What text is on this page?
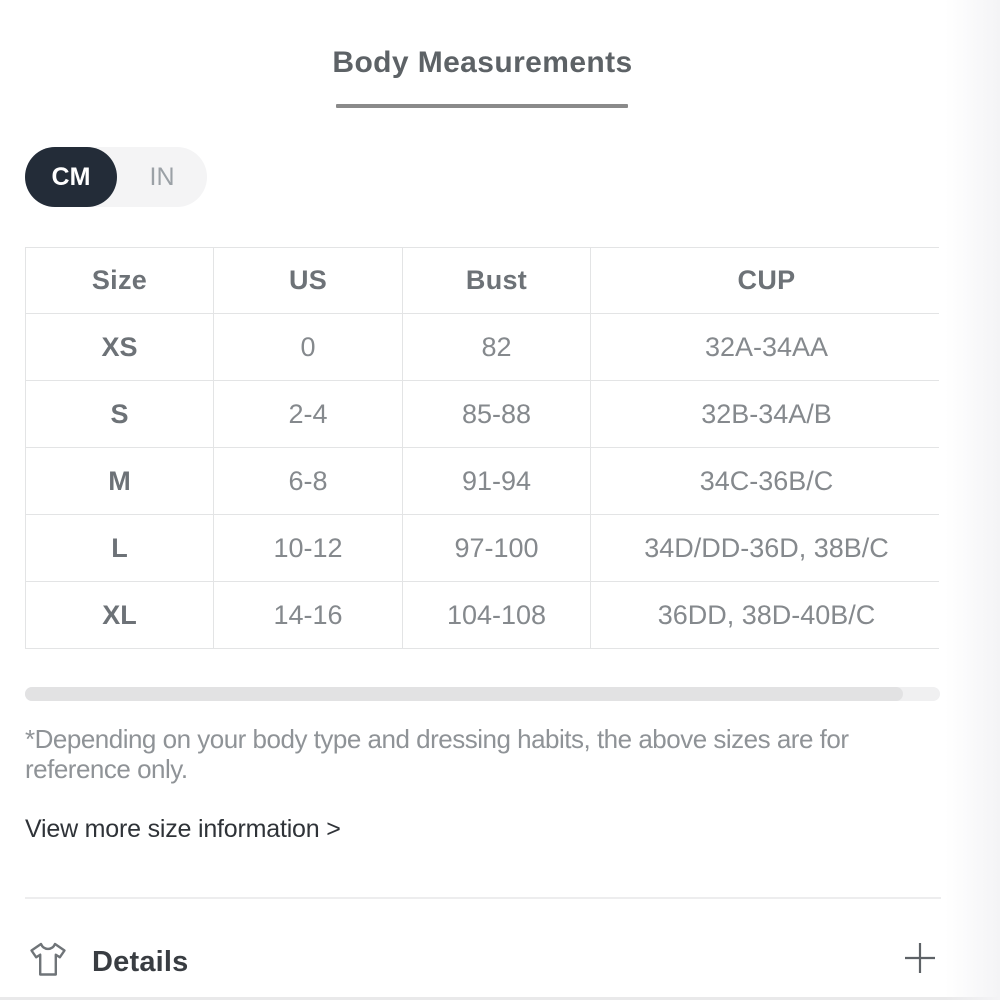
Body Measurements
CM	IN
Size	US	Bust	CUP
XS	0	82	32A-34AA
S	2-4	85-88	32B-34A/B
M	6-8	91-94	34C-36B/C
L	10-12	97-100	34D/DD-36D, 38B/C
XL	14-16	104-108	36DD, 38D-40B/C
*Depending on your body type and dressing habits, the above sizes are for reference only.
View more size information >
Details
